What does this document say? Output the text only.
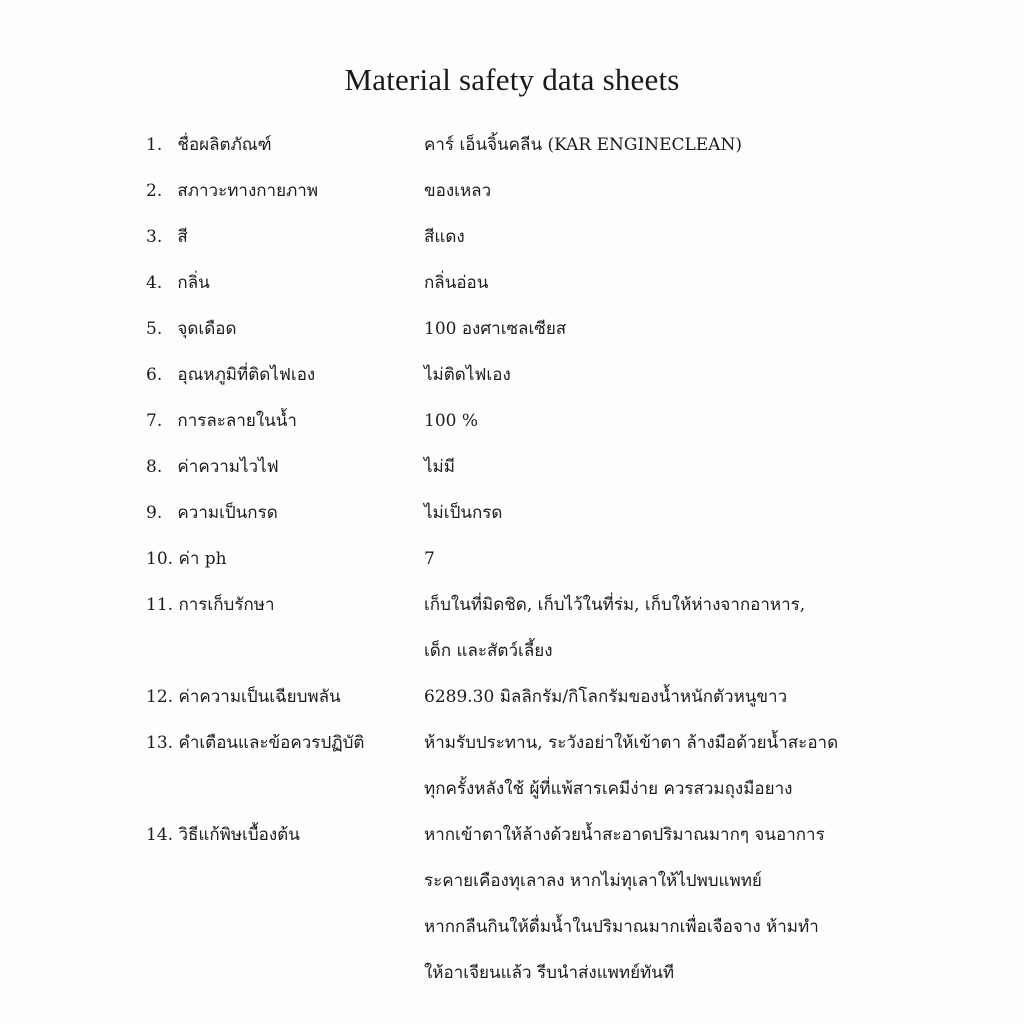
Material safety data sheets
1. ชื่อผลิตภัณฑ์	คาร์ เอ็นจิ้นคลีน (KAR ENGINECLEAN)
2. สภาวะทางกายภาพ	ของเหลว
3. สี	สีแดง
4. กลิ่น	กลิ่นอ่อน
5. จุดเดือด	100 องศาเซลเซียส
6. อุณหภูมิที่ติดไฟเอง	ไม่ติดไฟเอง
7. การละลายในน้ำ	100 %
8. ค่าความไวไฟ	ไม่มี
9. ความเป็นกรด	ไม่เป็นกรด
10. ค่า ph	7
11. การเก็บรักษา	เก็บในที่มิดชิด, เก็บไว้ในที่ร่ม, เก็บให้ห่างจากอาหาร,
เด็ก และสัตว์เลี้ยง
12. ค่าความเป็นเฉียบพลัน	6289.30 มิลลิกรัม/กิโลกรัมของน้ำหนักตัวหนูขาว
13. คำเตือนและข้อควรปฏิบัติ	ห้ามรับประทาน, ระวังอย่าให้เข้าตา ล้างมือด้วยน้ำสะอาด
ทุกครั้งหลังใช้ ผู้ที่แพ้สารเคมีง่าย ควรสวมถุงมือยาง
14. วิธีแก้พิษเบื้องต้น	หากเข้าตาให้ล้างด้วยน้ำสะอาดปริมาณมากๆ จนอาการ
ระคายเคืองทุเลาลง หากไม่ทุเลาให้ไปพบแพทย์
หากกลืนกินให้ดื่มน้ำในปริมาณมากเพื่อเจือจาง ห้ามทำ
ให้อาเจียนแล้ว รีบนำส่งแพทย์ทันที
